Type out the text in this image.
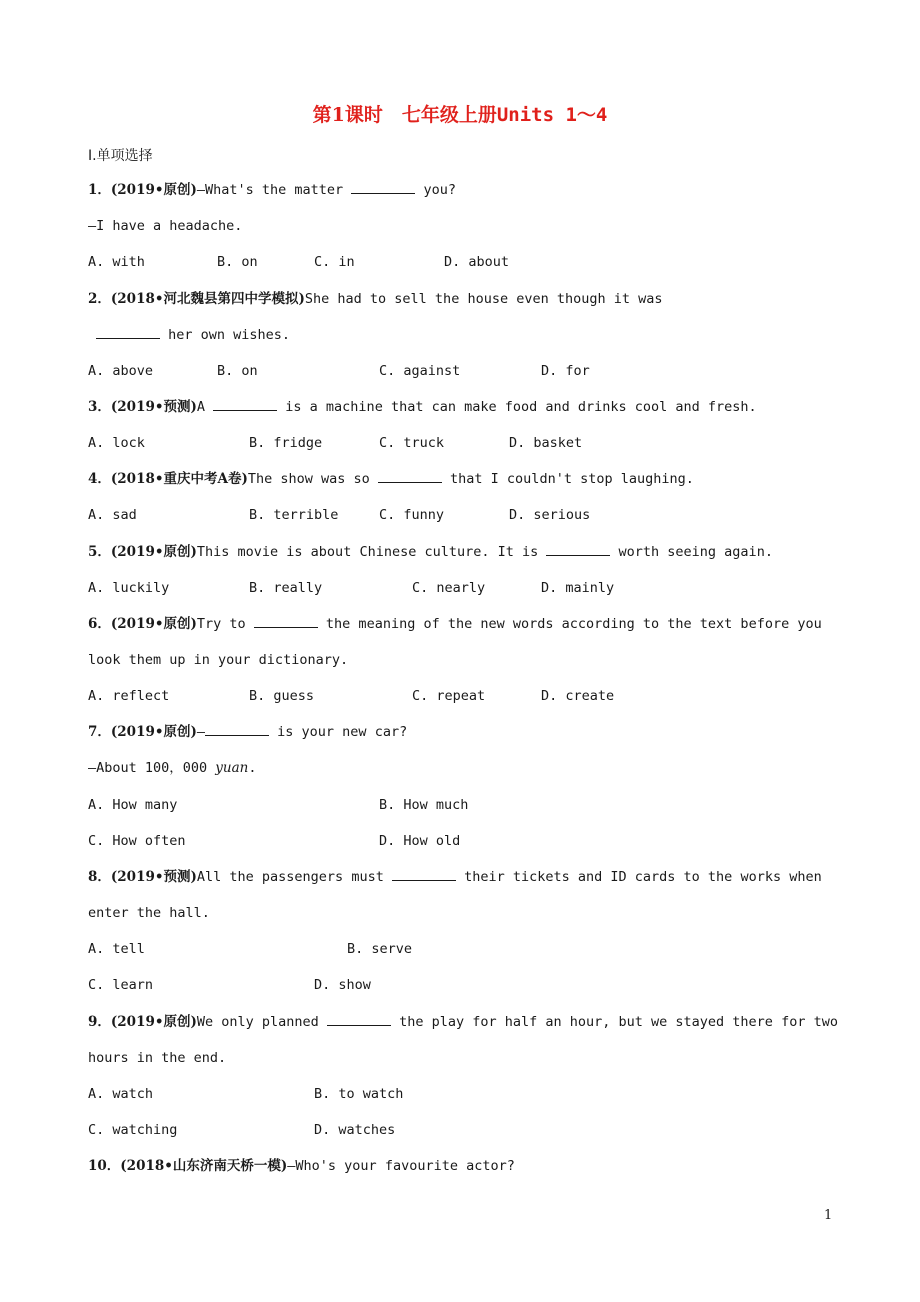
第1课时　七年级上册Units 1～4
Ⅰ.单项选择
1．(2019•原创)—What's the matter	you?
—I have a headache.
A. with	B. on	C. in	D. about
2．(2018•河北魏县第四中学模拟)She had to sell the house even though it was
her own wishes.
A. above	B. on	C. against	D. for
3．(2019•预测)A	is a machine that can make food and drinks cool and fresh.
A. lock	B. fridge	C. truck	D. basket
4．(2018•重庆中考A卷)The show was so	that I couldn't stop laughing.
A. sad	B. terrible	C. funny	D. serious
5．(2019•原创)This movie is about Chinese culture. It is	worth seeing again.
A. luckily	B. really	C. nearly	D. mainly
6．(2019•原创)Try to	the meaning of the new words according to the text before you
look them up in your dictionary.
A. reflect	B. guess	C. repeat	D. create
7．(2019•原创)—	is your new car?
—About 100，000 yuan.
A. How many	B. How much
C. How often	D. How old
8．(2019•预测)All the passengers must	their tickets and ID cards to the works when
enter the hall.
A. tell	B. serve
C. learn	D. show
9．(2019•原创)We only planned	the play for half an hour, but we stayed there for two
hours in the end.
A. watch	B. to watch
C. watching	D. watches
10．(2018•山东济南天桥一模)—Who's your favourite actor?
1
